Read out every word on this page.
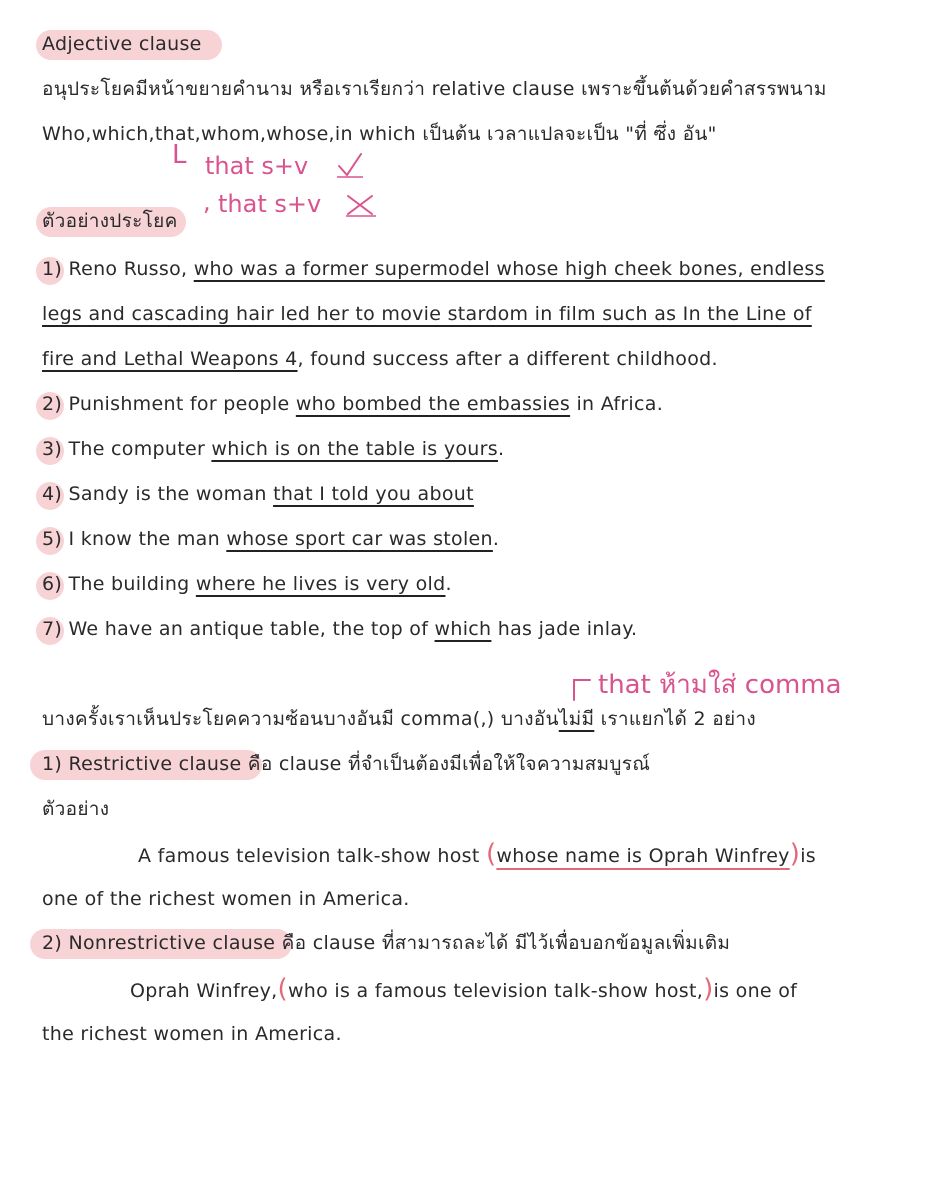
Adjective clause

อนุประโยคมีหน้าขยายคำนาม หรือเราเรียกว่า relative clause เพราะขึ้นต้นด้วยคำสรรพนาม

Who,which,that,whom,whose,in which เป็นต้น เวลาแปลจะเป็น "ที่ ซึ่ง อัน"

L that s+v
, that s+v

ตัวอย่างประโยค

1) Reno Russo, who was a former supermodel whose high cheek bones, endless

legs and cascading hair led her to movie stardom in film such as In the Line of

fire and Lethal Weapons 4, found success after a different childhood.

2) Punishment for people who bombed the embassies in Africa.

3) The computer which is on the table is yours.

4) Sandy is the woman that I told you about

5) I know the man whose sport car was stolen.

6) The building where he lives is very old.

7) We have an antique table, the top of which has jade inlay.

that ห้ามใส่ comma

บางครั้งเราเห็นประโยคความซ้อนบางอันมี comma(,) บางอันไม่มี เราแยกได้ 2 อย่าง

1) Restrictive clause คือ clause ที่จำเป็นต้องมีเพื่อให้ใจความสมบูรณ์

ตัวอย่าง

A famous television talk-show host (whose name is Oprah Winfrey)is

one of the richest women in America.

2) Nonrestrictive clause คือ clause ที่สามารถละได้ มีไว้เพื่อบอกข้อมูลเพิ่มเติม

Oprah Winfrey,(who is a famous television talk-show host,)is one of

the richest women in America.
